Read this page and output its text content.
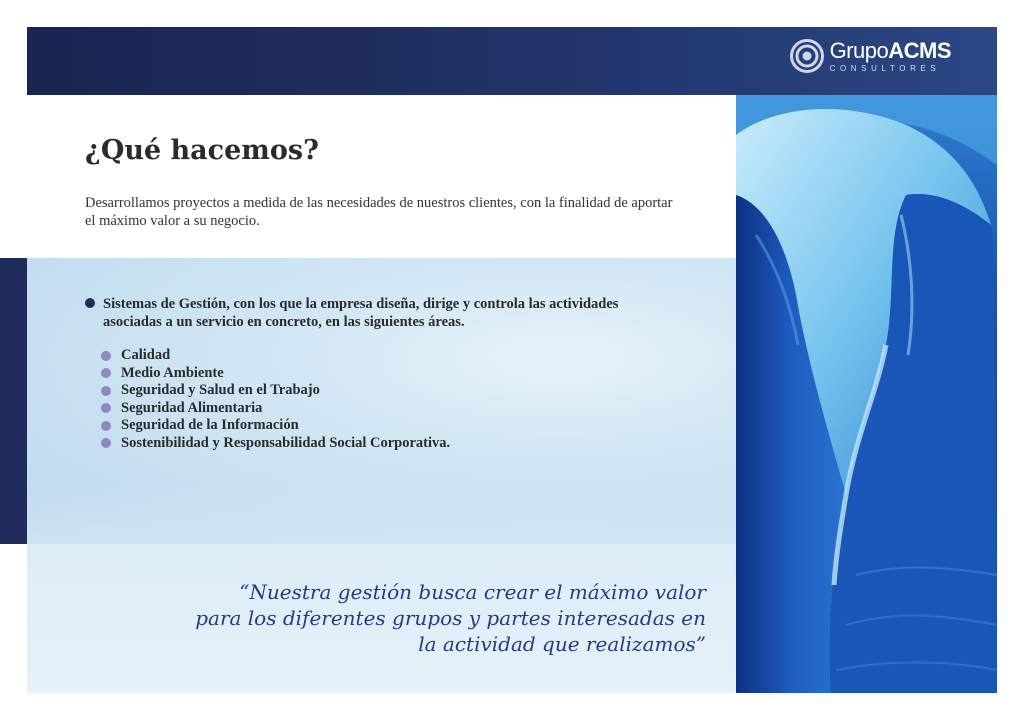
GrupoACMS
CONSULTORES
¿Qué hacemos?

Desarrollamos proyectos a medida de las necesidades de nuestros clientes, con la finalidad de aportar el máximo valor a su negocio.

Sistemas de Gestión, con los que la empresa diseña, dirige y controla las actividades asociadas a un servicio en concreto, en las siguientes áreas.
Calidad
Medio Ambiente
Seguridad y Salud en el Trabajo
Seguridad Alimentaria
Seguridad de la Información
Sostenibilidad y Responsabilidad Social Corporativa.

“Nuestra gestión busca crear el máximo valor
para los diferentes grupos y partes interesadas en
la actividad que realizamos”
